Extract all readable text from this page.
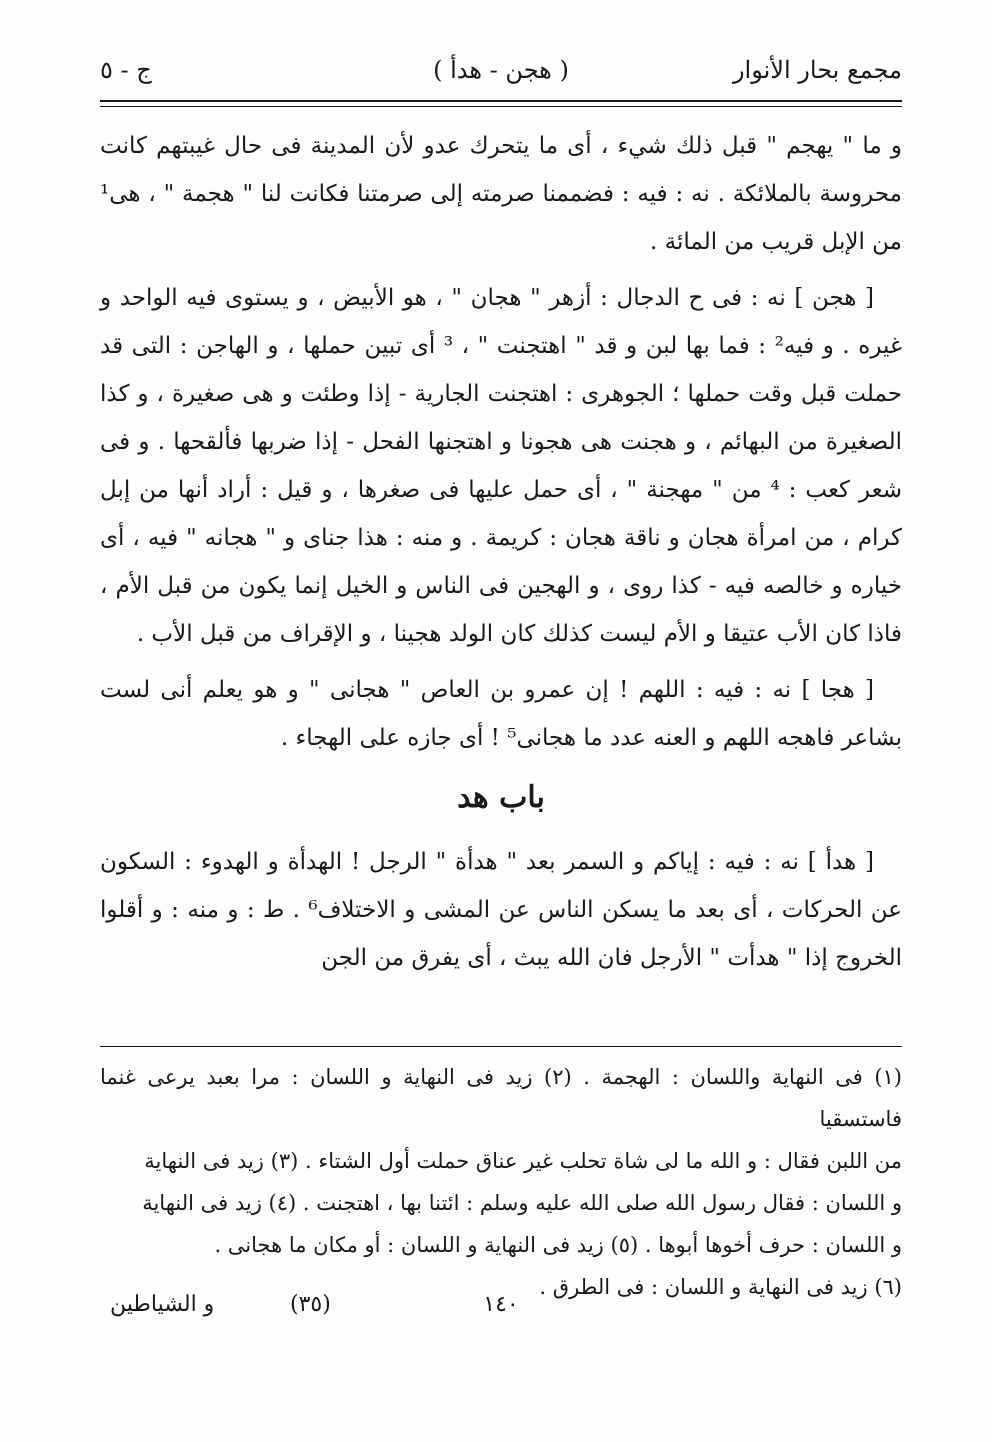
مجمع بحار الأنوار
( هجن - هدأ )
ج - ٥

و ما " يهجم " قبل ذلك شيء ، أى ما يتحرك عدو لأن المدينة فى حال غيبتهم كانت محروسة بالملائكة . نه : فيه : فضممنا صرمته إلى صرمتنا فكانت لنا " هجمة " ، هى¹ من الإبل قريب من المائة .

[ هجن ] نه : فى ح الدجال : أزهر " هجان " ، هو الأبيض ، و يستوى فيه الواحد و غيره . و فيه² : فما بها لبن و قد " اهتجنت " ، ³ أى تبين حملها ، و الهاجن : التى قد حملت قبل وقت حملها ؛ الجوهرى : اهتجنت الجارية - إذا وطئت و هى صغيرة ، و كذا الصغيرة من البهائم ، و هجنت هى هجونا و اهتجنها الفحل - إذا ضربها فألقحها . و فى شعر كعب : ⁴ من " مهجنة " ، أى حمل عليها فى صغرها ، و قيل : أراد أنها من إبل كرام ، من امرأة هجان و ناقة هجان : كريمة . و منه : هذا جناى و " هجانه " فيه ، أى خياره و خالصه فيه - كذا روى ، و الهجين فى الناس و الخيل إنما يكون من قبل الأم ، فاذا كان الأب عتيقا و الأم ليست كذلك كان الولد هجينا ، و الإقراف من قبل الأب .

[ هجا ] نه : فيه : اللهم ! إن عمرو بن العاص " هجانى " و هو يعلم أنى لست بشاعر فاهجه اللهم و العنه عدد ما هجانى⁵ ! أى جازه على الهجاء .

باب هد

[ هدأ ] نه : فيه : إياكم و السمر بعد " هدأة " الرجل ! الهدأة و الهدوء : السكون عن الحركات ، أى بعد ما يسكن الناس عن المشى و الاختلاف⁶ . ط : و منه : و أقلوا الخروج إذا " هدأت " الأرجل فان الله يبث ، أى يفرق من الجن

(١) فى النهاية واللسان : الهجمة . (٢) زيد فى النهاية و اللسان : مرا بعبد يرعى غنما فاستسقيا

من اللبن فقال : و الله ما لى شاة تحلب غير عناق حملت أول الشتاء . (٣) زيد فى النهاية

و اللسان : فقال رسول الله صلى الله عليه وسلم : ائتنا بها ، اهتجنت . (٤) زيد فى النهاية

و اللسان : حرف أخوها أبوها . (٥) زيد فى النهاية و اللسان : أو مكان ما هجانى .

(٦) زيد فى النهاية و اللسان : فى الطرق .

١٤٠
(٣٥)
و الشياطين
